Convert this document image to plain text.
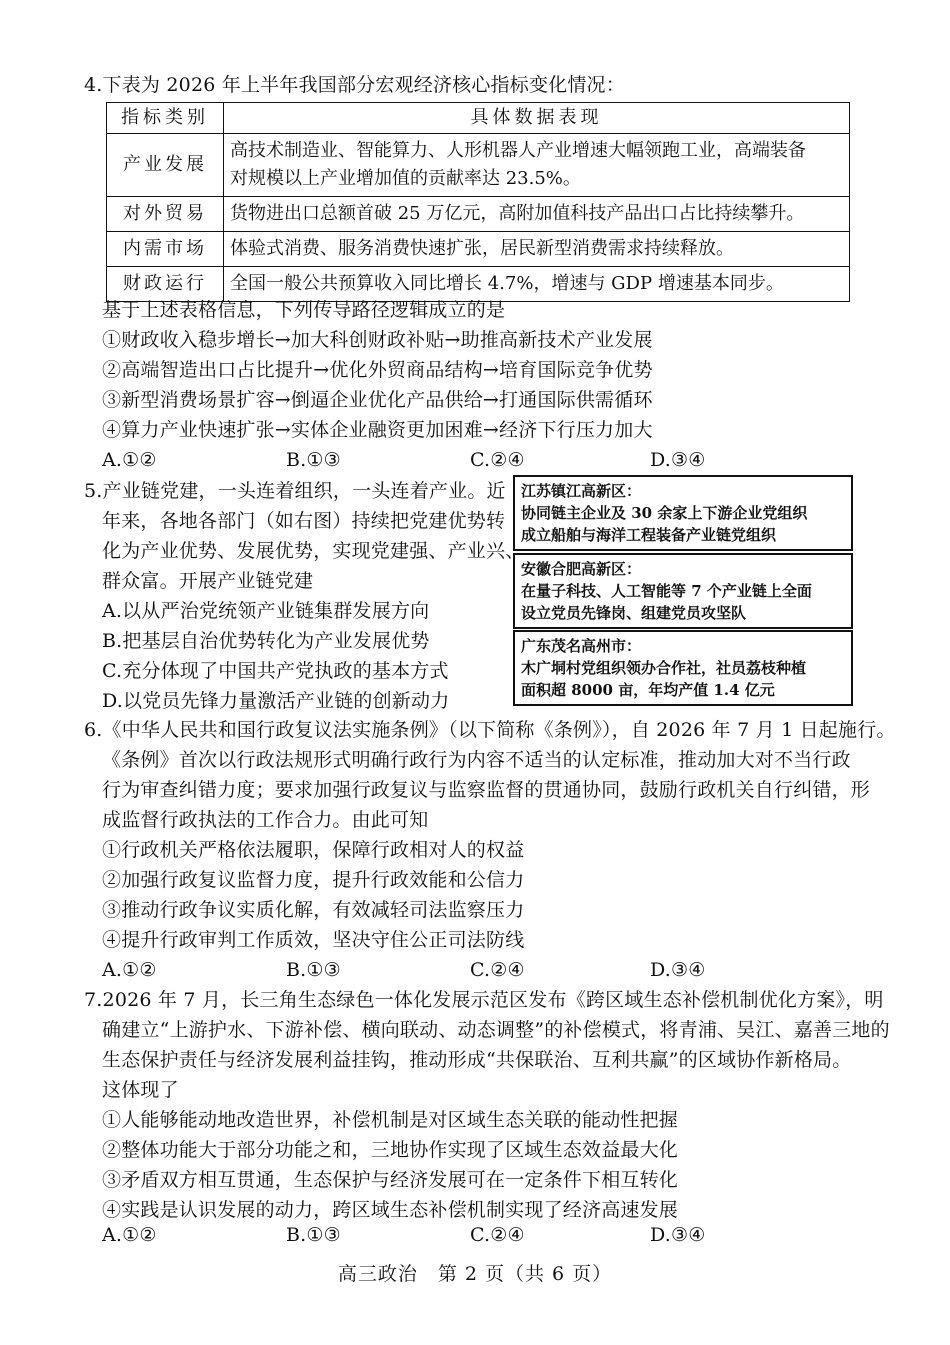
4.下表为 2026 年上半年我国部分宏观经济核心指标变化情况：
指标类别	具体数据表现
产业发展	高技术制造业、智能算力、人形机器人产业增速大幅领跑工业，高端装备
对规模以上产业增加值的贡献率达 23.5%。

对外贸易	货物进出口总额首破 25 万亿元，高附加值科技产品出口占比持续攀升。
内需市场	体验式消费、服务消费快速扩张，居民新型消费需求持续释放。
财政运行	全国一般公共预算收入同比增长 4.7%，增速与 GDP 增速基本同步。
基于上述表格信息，下列传导路径逻辑成立的是
①财政收入稳步增长→加大科创财政补贴→助推高新技术产业发展
②高端智造出口占比提升→优化外贸商品结构→培育国际竞争优势
③新型消费场景扩容→倒逼企业优化产品供给→打通国际供需循环
④算力产业快速扩张→实体企业融资更加困难→经济下行压力加大
A.①②	B.①③	C.②④	D.③④
5.产业链党建，一头连着组织，一头连着产业。近
年来，各地各部门（如右图）持续把党建优势转
化为产业优势、发展优势，实现党建强、产业兴、
群众富。开展产业链党建
A.以从严治党统领产业链集群发展方向
B.把基层自治优势转化为产业发展优势
C.充分体现了中国共产党执政的基本方式
D.以党员先锋力量激活产业链的创新动力
江苏镇江高新区：
协同链主企业及 30 余家上下游企业党组织
成立船舶与海洋工程装备产业链党组织
安徽合肥高新区：
在量子科技、人工智能等 7 个产业链上全面
设立党员先锋岗、组建党员攻坚队
广东茂名高州市：
木广垌村党组织领办合作社，社员荔枝种植
面积超 8000 亩，年均产值 1.4 亿元
6.《中华人民共和国行政复议法实施条例》（以下简称《条例》），自 2026 年 7 月 1 日起施行。
《条例》首次以行政法规形式明确行政行为内容不适当的认定标准，推动加大对不当行政
行为审查纠错力度；要求加强行政复议与监察监督的贯通协同，鼓励行政机关自行纠错，形
成监督行政执法的工作合力。由此可知
①行政机关严格依法履职，保障行政相对人的权益
②加强行政复议监督力度，提升行政效能和公信力
③推动行政争议实质化解，有效减轻司法监察压力
④提升行政审判工作质效，坚决守住公正司法防线
A.①②	B.①③	C.②④	D.③④
7.2026 年 7 月，长三角生态绿色一体化发展示范区发布《跨区域生态补偿机制优化方案》，明
确建立“上游护水、下游补偿、横向联动、动态调整”的补偿模式，将青浦、吴江、嘉善三地的
生态保护责任与经济发展利益挂钩，推动形成“共保联治、互利共赢”的区域协作新格局。
这体现了
①人能够能动地改造世界，补偿机制是对区域生态关联的能动性把握
②整体功能大于部分功能之和，三地协作实现了区域生态效益最大化
③矛盾双方相互贯通，生态保护与经济发展可在一定条件下相互转化
④实践是认识发展的动力，跨区域生态补偿机制实现了经济高速发展
A.①②	B.①③	C.②④	D.③④
高三政治　第 2 页（共 6 页）
